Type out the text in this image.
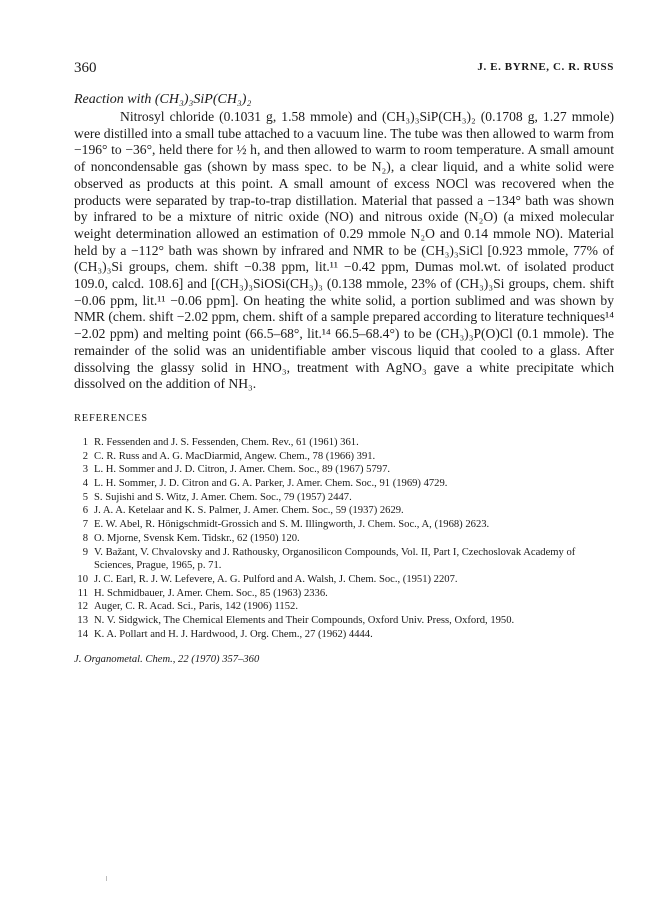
360	J. E. BYRNE, C. R. RUSS
Reaction with (CH₃)₃SiP(CH₃)₂

Nitrosyl chloride (0.1031 g, 1.58 mmole) and (CH₃)₃SiP(CH₃)₂ (0.1708 g, 1.27 mmole) were distilled into a small tube attached to a vacuum line. The tube was then allowed to warm from −196° to −36°, held there for ½ h, and then allowed to warm to room temperature. A small amount of noncondensable gas (shown by mass spec. to be N₂), a clear liquid, and a white solid were observed as products at this point. A small amount of excess NOCl was recovered when the products were separated by trap-to-trap distillation. Material that passed a −134° bath was shown by infrared to be a mixture of nitric oxide (NO) and nitrous oxide (N₂O) (a mixed molecular weight determination allowed an estimation of 0.29 mmole N₂O and 0.14 mmole NO). Material held by a −112° bath was shown by infrared and NMR to be (CH₃)₃SiCl [0.923 mmole, 77% of (CH₃)₃Si groups, chem. shift −0.38 ppm, lit.¹¹ −0.42 ppm, Dumas mol.wt. of isolated product 109.0, calcd. 108.6] and [(CH₃)₃SiOSi(CH₃)₃ (0.138 mmole, 23% of (CH₃)₃Si groups, chem. shift −0.06 ppm, lit.¹¹ −0.06 ppm]. On heating the white solid, a portion sublimed and was shown by NMR (chem. shift −2.02 ppm, chem. shift of a sample prepared according to literature techniques¹⁴ −2.02 ppm) and melting point (66.5–68°, lit.¹⁴ 66.5–68.4°) to be (CH₃)₃P(O)Cl (0.1 mmole). The remainder of the solid was an unidentifiable amber viscous liquid that cooled to a glass. After dissolving the glassy solid in HNO₃, treatment with AgNO₃ gave a white precipitate which dissolved on the addition of NH₃.

REFERENCES
1 R. Fessenden and J. S. Fessenden, Chem. Rev., 61 (1961) 361.
2 C. R. Russ and A. G. MacDiarmid, Angew. Chem., 78 (1966) 391.
3 L. H. Sommer and J. D. Citron, J. Amer. Chem. Soc., 89 (1967) 5797.
4 L. H. Sommer, J. D. Citron and G. A. Parker, J. Amer. Chem. Soc., 91 (1969) 4729.
5 S. Sujishi and S. Witz, J. Amer. Chem. Soc., 79 (1957) 2447.
6 J. A. A. Ketelaar and K. S. Palmer, J. Amer. Chem. Soc., 59 (1937) 2629.
7 E. W. Abel, R. Hönigschmidt-Grossich and S. M. Illingworth, J. Chem. Soc., A, (1968) 2623.
8 O. Mjorne, Svensk Kem. Tidskr., 62 (1950) 120.
9 V. Bažant, V. Chvalovsky and J. Rathousky, Organosilicon Compounds, Vol. II, Part I, Czechoslovak Academy of Sciences, Prague, 1965, p. 71.
10 J. C. Earl, R. J. W. Lefevere, A. G. Pulford and A. Walsh, J. Chem. Soc., (1951) 2207.
11 H. Schmidbauer, J. Amer. Chem. Soc., 85 (1963) 2336.
12 Auger, C. R. Acad. Sci., Paris, 142 (1906) 1152.
13 N. V. Sidgwick, The Chemical Elements and Their Compounds, Oxford Univ. Press, Oxford, 1950.
14 K. A. Pollart and H. J. Hardwood, J. Org. Chem., 27 (1962) 4444.
J. Organometal. Chem., 22 (1970) 357–360
